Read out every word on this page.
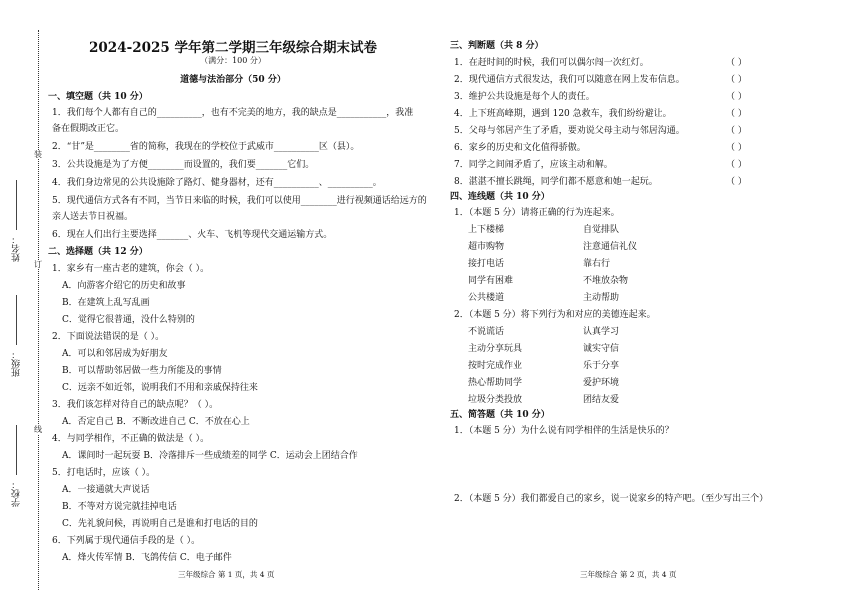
姓名：
班级：
学校：
装
订
线
2024-2025 学年第二学期三年级综合期末试卷
（满分：100 分）
道德与法治部分（50 分）
一、填空题（共 10 分）
1．我们每个人都有自己的__________，也有不完美的地方，我的缺点是___________，我准
备在假期改正它。
2．“甘”是________省的简称，我现在的学校位于武威市__________区（县）。
3．公共设施是为了方便________而设置的，我们要_______它们。
4．我们身边常见的公共设施除了路灯、健身器材，还有__________、__________。
5．现代通信方式各有不同，当节日来临的时候，我们可以使用________进行视频通话给远方的
亲人送去节日祝福。
6．现在人们出行主要选择_______、火车、飞机等现代交通运输方式。
二、选择题（共 12 分）
1．家乡有一座古老的建筑，你会（ ）。
A．向游客介绍它的历史和故事
B．在建筑上乱写乱画
C．觉得它很普通，没什么特别的
2．下面说法错误的是（ ）。
A．可以和邻居成为好朋友
B．可以帮助邻居做一些力所能及的事情
C．远亲不如近邻，说明我们不用和亲戚保持往来
3．我们该怎样对待自己的缺点呢？（ ）。
A．否定自己 B．不断改进自己 C．不放在心上
4．与同学相作，不正确的做法是（ ）。
A．课间时一起玩耍 B．冷落排斥一些成绩差的同学 C．运动会上团结合作
5．打电话时，应该（ ）。
A．一接通就大声说话
B．不等对方说完就挂掉电话
C．先礼貌问候，再说明自己是谁和打电话的目的
6．下列属于现代通信手段的是（ ）。
A．烽火传军情 B．飞鸽传信 C．电子邮件
三、判断题（共 8 分）
1．在赶时间的时候，我们可以偶尔闯一次红灯。
2．现代通信方式很发达，我们可以随意在网上发布信息。
3．维护公共设施是每个人的责任。
4．上下班高峰期，遇到 120 急救车，我们纷纷避让。
5．父母与邻居产生了矛盾，要劝说父母主动与邻居沟通。
6．家乡的历史和文化值得骄傲。
7．同学之间闹矛盾了，应该主动和解。
8．湛湛不擅长跳绳，同学们都不愿意和她一起玩。
四、连线题（共 10 分）
1．（本题 5 分）请将正确的行为连起来。
上下楼梯
超市购物
接打电话
同学有困难
公共楼道
自觉排队
注意通信礼仪
靠右行
不堆放杂物
主动帮助
2．（本题 5 分）将下列行为和对应的美德连起来。
不说谎话
主动分享玩具
按时完成作业
热心帮助同学
垃圾分类投放
认真学习
诚实守信
乐于分享
爱护环境
团结友爱
五、简答题（共 10 分）
1．（本题 5 分）为什么说有同学相伴的生活是快乐的？
2．（本题 5 分）我们都爱自己的家乡，说一说家乡的特产吧。（至少写出三个）
（ ）
（ ）
（ ）
（ ）
（ ）
（ ）
（ ）
（ ）
三年级综合 第 1 页，共 4 页	三年级综合 第 2 页，共 4 页
